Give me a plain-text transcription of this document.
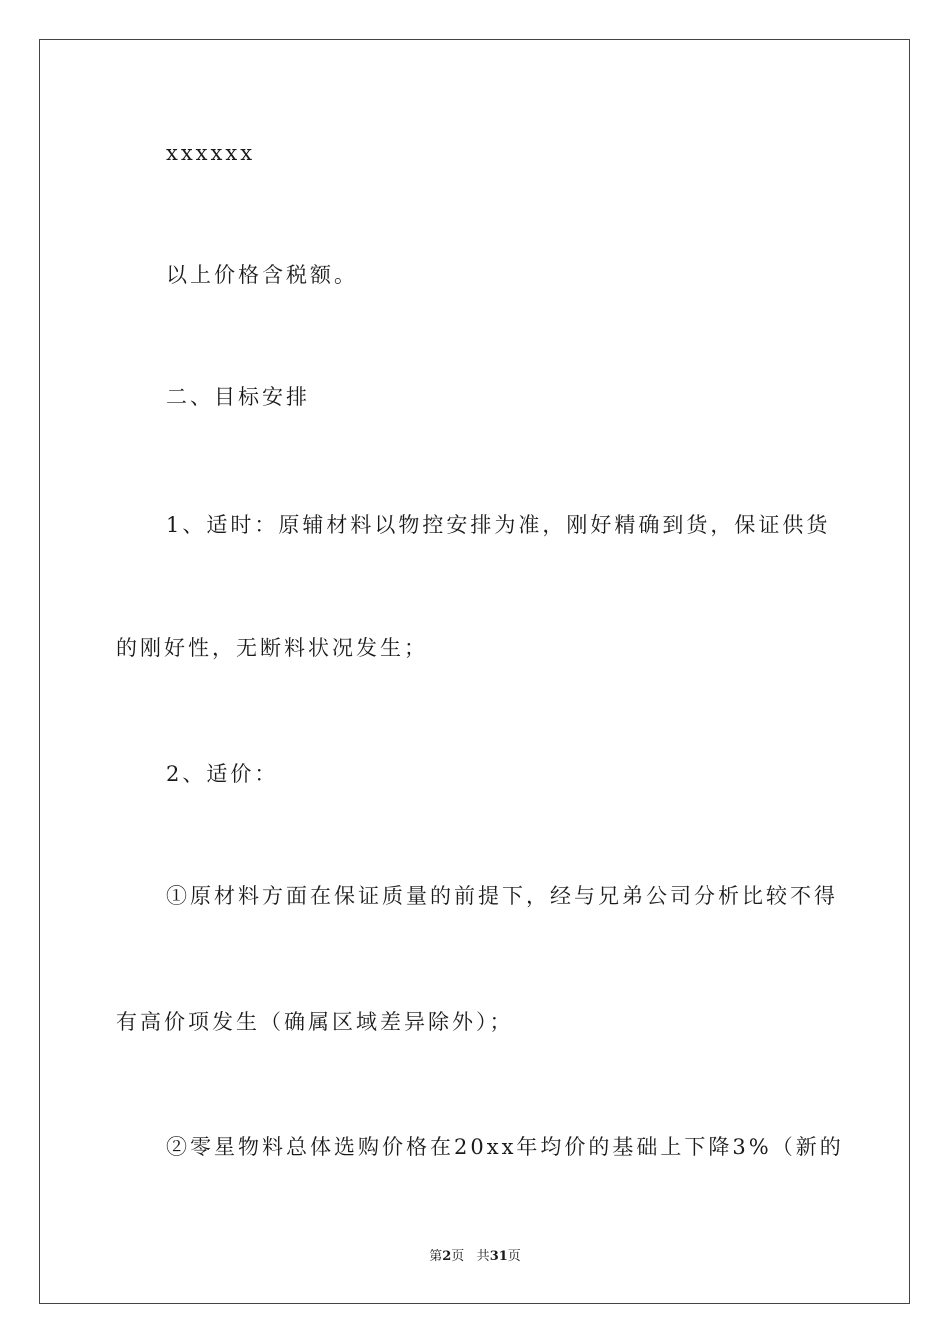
xxxxxx
以上价格含税额。
二、目标安排
1、适时：原辅材料以物控安排为准，刚好精确到货，保证供货
的刚好性，无断料状况发生；
2、适价：
①原材料方面在保证质量的前提下，经与兄弟公司分析比较不得
有高价项发生（确属区域差异除外）；
②零星物料总体选购价格在20xx年均价的基础上下降3%（新的
第2页 共31页
